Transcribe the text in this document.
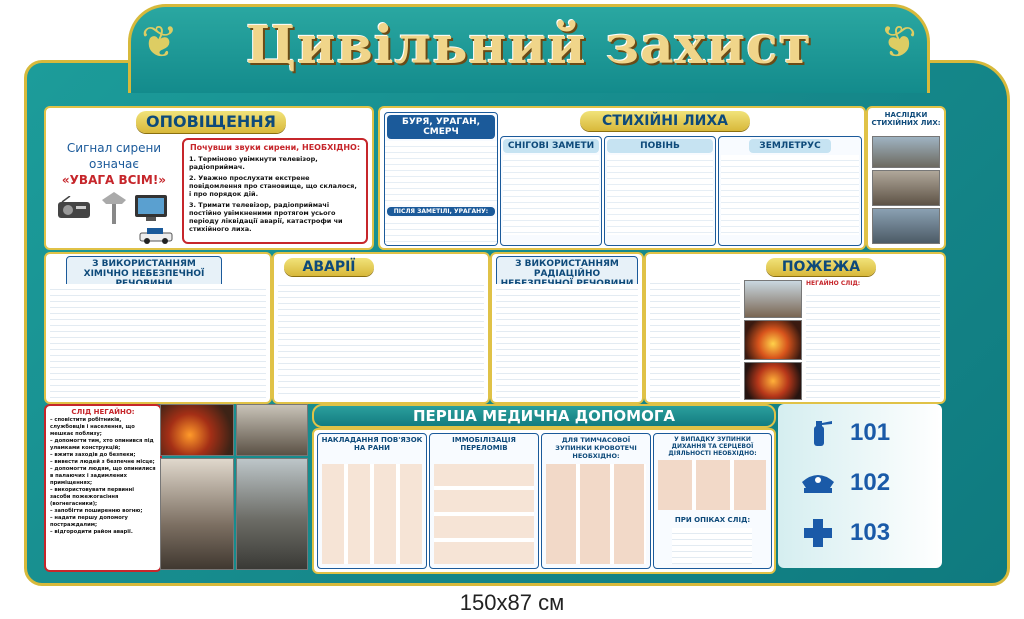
❦	❦
Цивільний захист
ОПОВІЩЕННЯ
Сигнал сирени
означає
«УВАГА ВСІМ!»
Почувши звуки сирени, НЕОБХІДНО:
1. Терміново увімкнути телевізор, радіоприймач.
2. Уважно прослухати екстрене повідомлення про становище, що склалося, і про порядок дій.
3. Тримати телевізор, радіоприймачі постійно увімкненими протягом усього періоду ліквідації аварії, катастрофи чи стихійного лиха.
СТИХІЙНІ ЛИХА
БУРЯ, УРАГАН, СМЕРЧ
ПІСЛЯ ЗАМЕТІЛІ, УРАГАНУ:
СНІГОВІ ЗАМЕТИ	ПОВІНЬ	ЗЕМЛЕТРУС
НАСЛІДКИ СТИХІЙНИХ ЛИХ:
З ВИКОРИСТАННЯМ ХІМІЧНО НЕБЕЗПЕЧНОЇ	АВАРІЇ	З ВИКОРИСТАННЯМ РАДІАЦІЙНО	ПОЖЕЖА
НЕГАЙНО СЛІД:
СЛІД НЕГАЙНО:
– сповістити робітників, службовців і населення, що мешкає поблизу;
– допомогти тим, хто опинився під уламками конструкцій;
– вжити заходів до безпеки;
– вивести людей з безпечне місце;
– допомогти людям, що опинилися в палаючих і задимлених приміщеннях;
– використовувати первинні засоби пожежогасіння (вогнегасники);
– запобігти поширенню вогню;
– надати першу допомогу постраждалим;
– відгородити район аварії.
ПЕРША МЕДИЧНА ДОПОМОГА
НАКЛАДАННЯ ПОВ'ЯЗОК НА РАНИ
ІММОБІЛІЗАЦІЯ ПЕРЕЛОМІВ
ДЛЯ ТИМЧАСОВОЇ ЗУПИНКИ КРОВОТЕЧІ НЕОБХІДНО:
У ВИПАДКУ ЗУПИНКИ ДИХАННЯ ТА СЕРЦЕВОЇ ДІЯЛЬНОСТІ НЕОБХІДНО:
ПРИ ОПІКАХ СЛІД:
101
102
103
150x87 см
